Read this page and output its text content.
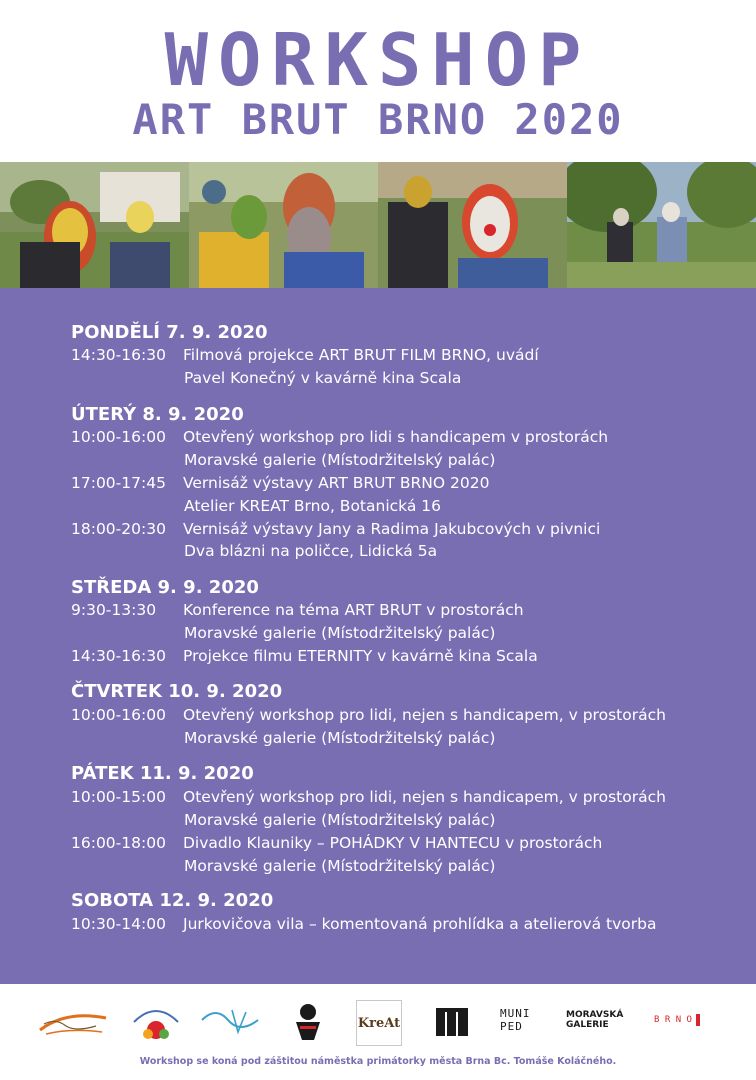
WORKSHOP
ART BRUT BRNO 2020
PONDĚLÍ 7. 9. 2020
14:30-16:30 Filmová projekce ART BRUT FILM BRNO, uvádí
Pavel Konečný v kavárně kina Scala
ÚTERÝ 8. 9. 2020
10:00-16:00 Otevřený workshop pro lidi s handicapem v prostorách
Moravské galerie (Místodržitelský palác)
17:00-17:45 Vernisáž výstavy ART BRUT BRNO 2020
Atelier KREAT Brno, Botanická 16
18:00-20:30 Vernisáž výstavy Jany a Radima Jakubcových v pivnici
Dva blázni na poličce, Lidická 5a
STŘEDA 9. 9. 2020
9:30-13:30 Konference na téma ART BRUT v prostorách
Moravské galerie (Místodržitelský palác)
14:30-16:30 Projekce filmu ETERNITY v kavárně kina Scala
ČTVRTEK 10. 9. 2020
10:00-16:00 Otevřený workshop pro lidi, nejen s handicapem, v prostorách
Moravské galerie (Místodržitelský palác)
PÁTEK 11. 9. 2020
10:00-15:00 Otevřený workshop pro lidi, nejen s handicapem, v prostorách
Moravské galerie (Místodržitelský palác)
16:00-18:00 Divadlo Klauniky – POHÁDKY V HANTECU v prostorách
Moravské galerie (Místodržitelský palác)
SOBOTA 12. 9. 2020
10:30-14:00 Jurkovičova vila – komentovaná prohlídka a atelierová tvorba
KreAt
MUNI
PED
MORAVSKÁ
GALERIE	B R N O
Workshop se koná pod záštitou náměstka primátorky města Brna Bc. Tomáše Koláčného.
